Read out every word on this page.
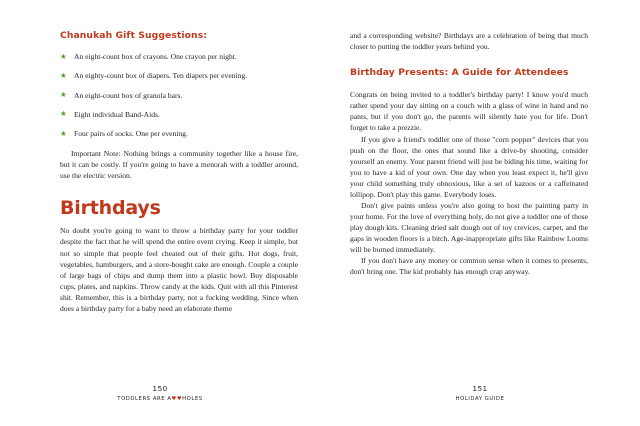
Chanukah Gift Suggestions:
★ An eight-count box of crayons. One crayon per night.
★ An eighty-count box of diapers. Ten diapers per evening.
★ An eight-count box of granola bars.
★ Eight individual Band-Aids.
★ Four pairs of socks. One per evening.

Important Note: Nothing brings a community together like a house fire, but it can be costly. If you're going to have a menorah with a toddler around, use the electric version.

Birthdays

No doubt you're going to want to throw a birthday party for your toddler despite the fact that he will spend the entire event crying. Keep it simple, but not so simple that people feel cheated out of their gifts. Hot dogs, fruit, vegetables, hamburgers, and a store-bought cake are enough. Couple a couple of large bags of chips and dump them into a plastic bowl. Buy disposable cups, plates, and napkins. Throw candy at the kids. Quit with all this Pinterest shit. Remember, this is a birthday party, not a fucking wedding. Since when does a birthday party for a baby need an elaborate theme

150
TODDLERS ARE A♥♥HOLES

and a corresponding website? Birthdays are a celebration of being that much closer to putting the toddler years behind you.

Birthday Presents: A Guide for Attendees

Congrats on being invited to a toddler's birthday party! I know you'd much rather spend your day sitting on a couch with a glass of wine in hand and no pants, but if you don't go, the parents will silently hate you for life. Don't forget to take a prezzie.

If you give a friend's toddler one of those "corn popper" devices that you push on the floor, the ones that sound like a drive-by shooting, consider yourself an enemy. Your parent friend will just be biding his time, waiting for you to have a kid of your own. One day when you least expect it, he'll give your child something truly obnoxious, like a set of kazoos or a caffeinated lollipop. Don't play this game. Everybody loses.

Don't give paints unless you're also going to host the painting party in your home. For the love of everything holy, do not give a toddler one of those play dough kits. Cleaning dried salt dough out of toy crevices, carpet, and the gaps in wooden floors is a bitch. Age-inappropriate gifts like Rainbow Looms will be burned immediately.

If you don't have any money or common sense when it comes to presents, don't bring one. The kid probably has enough crap anyway.

151
HOLIDAY GUIDE
